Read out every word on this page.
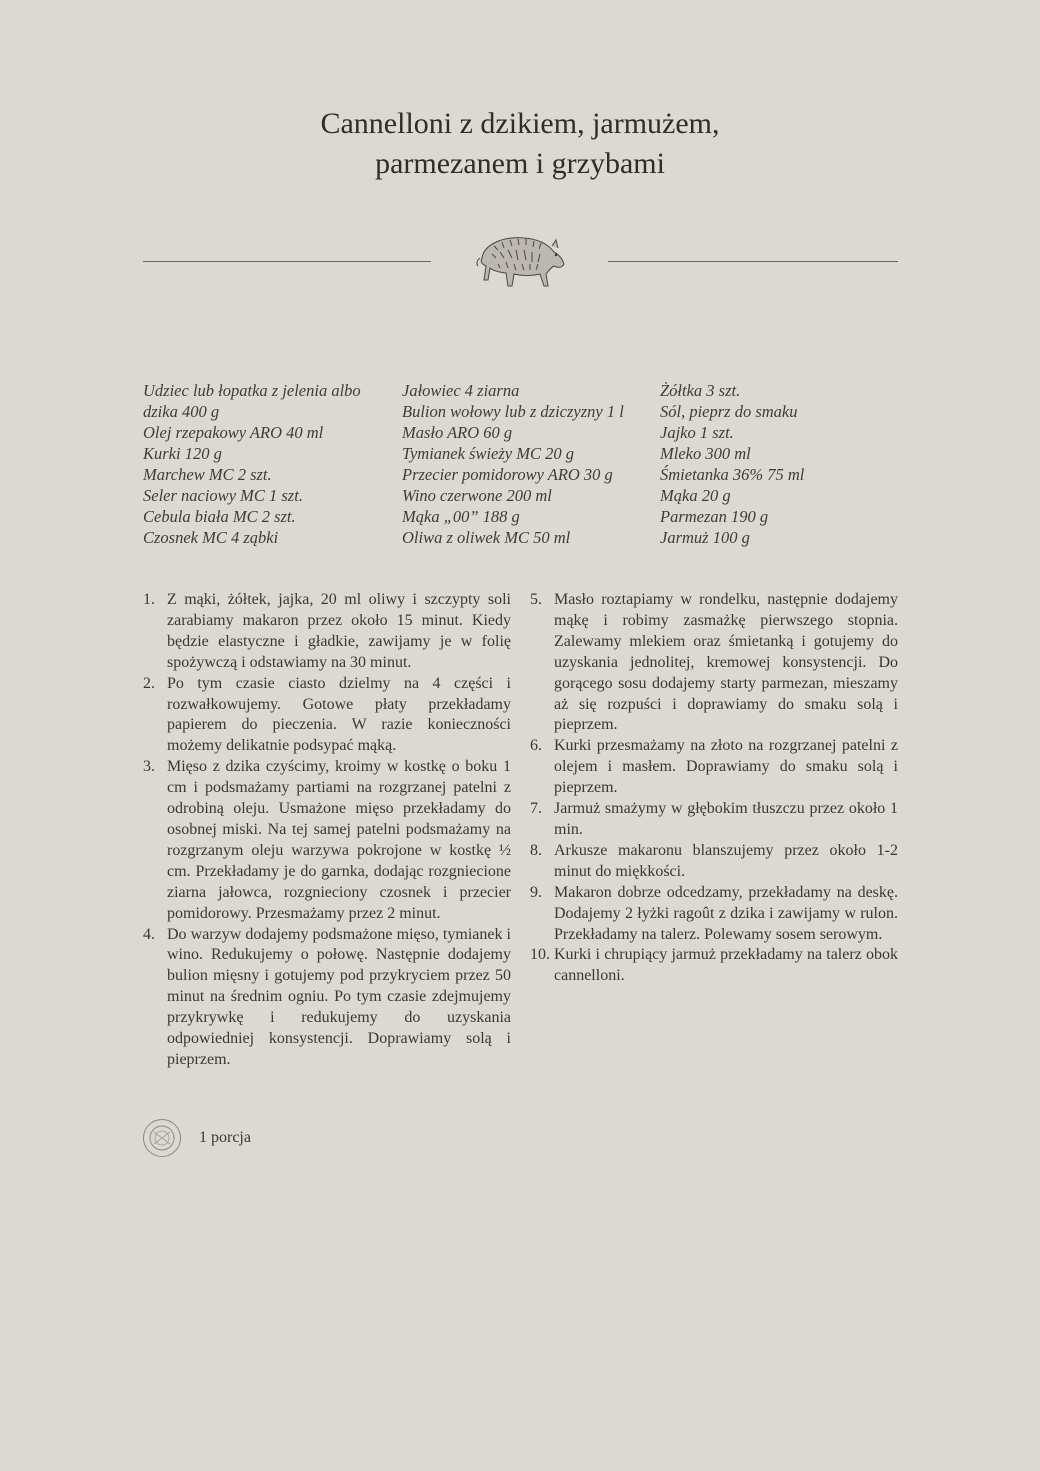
Cannelloni z dzikiem, jarmużem,
parmezanem i grzybami
Udziec lub łopatka z jelenia albo
dzika 400 g
Olej rzepakowy ARO 40 ml
Kurki 120 g
Marchew MC 2 szt.
Seler naciowy MC 1 szt.
Cebula biała MC 2 szt.
Czosnek MC 4 ząbki
Jałowiec 4 ziarna
Bulion wołowy lub z dziczyzny 1 l
Masło ARO 60 g
Tymianek świeży MC 20 g
Przecier pomidorowy ARO 30 g
Wino czerwone 200 ml
Mąka „00” 188 g
Oliwa z oliwek MC 50 ml
Żółtka 3 szt.
Sól, pieprz do smaku
Jajko 1 szt.
Mleko 300 ml
Śmietanka 36% 75 ml
Mąka 20 g
Parmezan 190 g
Jarmuż 100 g
1. Z mąki, żółtek, jajka, 20 ml oliwy i szczypty soli zarabiamy makaron przez około 15 minut. Kiedy będzie elastyczne i gładkie, zawijamy je w folię spożywczą i odstawiamy na 30 minut.
2. Po tym czasie ciasto dzielmy na 4 części i rozwałkowujemy. Gotowe płaty przekładamy papierem do pieczenia. W razie konieczności możemy delikatnie podsypać mąką.
3. Mięso z dzika czyścimy, kroimy w kostkę o boku 1 cm i podsmażamy partiami na rozgrzanej patelni z odrobiną oleju. Usmażone mięso przekładamy do osobnej miski. Na tej samej patelni podsmażamy na rozgrzanym oleju warzywa pokrojone w kostkę ½ cm. Przekładamy je do garnka, dodając rozgniecione ziarna jałowca, rozgnieciony czosnek i przecier pomidorowy. Przesmażamy przez 2 minut.
4. Do warzyw dodajemy podsmażone mięso, tymianek i wino. Redukujemy o połowę. Następnie dodajemy bulion mięsny i gotujemy pod przykryciem przez 50 minut na średnim ogniu. Po tym czasie zdejmujemy przykrywkę i redukujemy do uzyskania odpowiedniej konsystencji. Doprawiamy solą i pieprzem.
5. Masło roztapiamy w rondelku, następnie dodajemy mąkę i robimy zasmażkę pierwszego stopnia. Zalewamy mlekiem oraz śmietanką i gotujemy do uzyskania jednolitej, kremowej konsystencji. Do gorącego sosu dodajemy starty parmezan, mieszamy aż się rozpuści i doprawiamy do smaku solą i pieprzem.
6. Kurki przesmażamy na złoto na rozgrzanej patelni z olejem i masłem. Doprawiamy do smaku solą i pieprzem.
7. Jarmuż smażymy w głębokim tłuszczu przez około 1 min.
8. Arkusze makaronu blanszujemy przez około 1-2 minut do miękkości.
9. Makaron dobrze odcedzamy, przekładamy na deskę. Dodajemy 2 łyżki ragoût z dzika i zawijamy w rulon. Przekładamy na talerz. Polewamy sosem serowym.
10. Kurki i chrupiący jarmuż przekładamy na talerz obok cannelloni.
1 porcja
